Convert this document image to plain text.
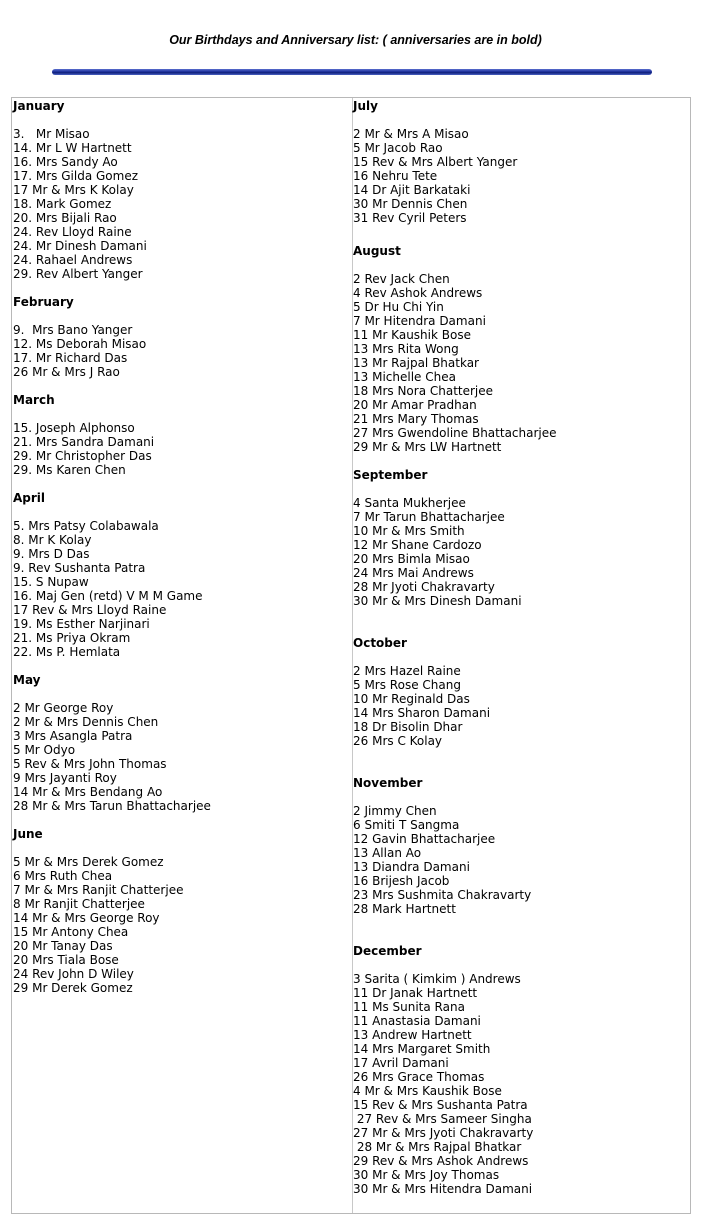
Our Birthdays and Anniversary list: ( anniversaries are in bold)
January
3.   Mr Misao
14. Mr L W Hartnett
16. Mrs Sandy Ao
17. Mrs Gilda Gomez
17 Mr & Mrs K Kolay
18. Mark Gomez
20. Mrs Bijali Rao
24. Rev Lloyd Raine
24. Mr Dinesh Damani
24. Rahael Andrews
29. Rev Albert Yanger
February
9.  Mrs Bano Yanger
12. Ms Deborah Misao
17. Mr Richard Das
26 Mr & Mrs J Rao
March
15. Joseph Alphonso
21. Mrs Sandra Damani
29. Mr Christopher Das
29. Ms Karen Chen
April
5. Mrs Patsy Colabawala
8. Mr K Kolay
9. Mrs D Das
9. Rev Sushanta Patra
15. S Nupaw
16. Maj Gen (retd) V M M Game
17 Rev & Mrs Lloyd Raine
19. Ms Esther Narjinari
21. Ms Priya Okram
22. Ms P. Hemlata
May
2 Mr George Roy
2 Mr & Mrs Dennis Chen
3 Mrs Asangla Patra
5 Mr Odyo
5 Rev & Mrs John Thomas
9 Mrs Jayanti Roy
14 Mr & Mrs Bendang Ao
28 Mr & Mrs Tarun Bhattacharjee
June
5 Mr & Mrs Derek Gomez
6 Mrs Ruth Chea
7 Mr & Mrs Ranjit Chatterjee
8 Mr Ranjit Chatterjee
14 Mr & Mrs George Roy
15 Mr Antony Chea
20 Mr Tanay Das
20 Mrs Tiala Bose
24 Rev John D Wiley
29 Mr Derek Gomez
July
2 Mr & Mrs A Misao
5 Mr Jacob Rao
15 Rev & Mrs Albert Yanger
16 Nehru Tete
14 Dr Ajit Barkataki
30 Mr Dennis Chen
31 Rev Cyril Peters
August
2 Rev Jack Chen
4 Rev Ashok Andrews
5 Dr Hu Chi Yin
7 Mr Hitendra Damani
11 Mr Kaushik Bose
13 Mrs Rita Wong
13 Mr Rajpal Bhatkar
13 Michelle Chea
18 Mrs Nora Chatterjee
20 Mr Amar Pradhan
21 Mrs Mary Thomas
27 Mrs Gwendoline Bhattacharjee
29 Mr & Mrs LW Hartnett
September
4 Santa Mukherjee
7 Mr Tarun Bhattacharjee
10 Mr & Mrs Smith
12 Mr Shane Cardozo
20 Mrs Bimla Misao
24 Mrs Mai Andrews
28 Mr Jyoti Chakravarty
30 Mr & Mrs Dinesh Damani
October
2 Mrs Hazel Raine
5 Mrs Rose Chang
10 Mr Reginald Das
14 Mrs Sharon Damani
18 Dr Bisolin Dhar
26 Mrs C Kolay
November
2 Jimmy Chen
6 Smiti T Sangma
12 Gavin Bhattacharjee
13 Allan Ao
13 Diandra Damani
16 Brijesh Jacob
23 Mrs Sushmita Chakravarty
28 Mark Hartnett
December
3 Sarita ( Kimkim ) Andrews
11 Dr Janak Hartnett
11 Ms Sunita Rana
11 Anastasia Damani
13 Andrew Hartnett
14 Mrs Margaret Smith
17 Avril Damani
26 Mrs Grace Thomas
4 Mr & Mrs Kaushik Bose
15 Rev & Mrs Sushanta Patra
27 Rev & Mrs Sameer Singha
27 Mr & Mrs Jyoti Chakravarty
28 Mr & Mrs Rajpal Bhatkar
29 Rev & Mrs Ashok Andrews
30 Mr & Mrs Joy Thomas
30 Mr & Mrs Hitendra Damani
